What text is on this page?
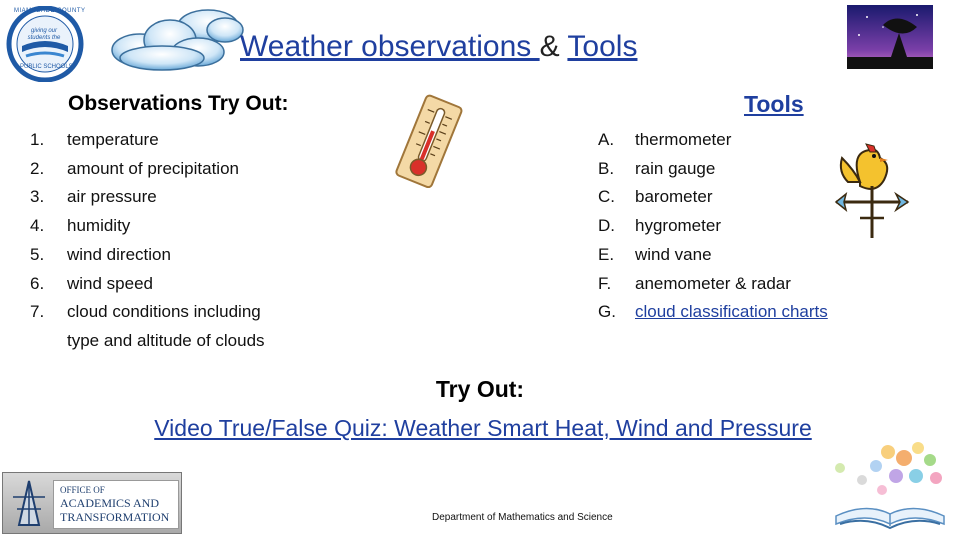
MIAMI-DADE COUNTY
giving our students the world
PUBLIC SCHOOLS
Weather observations & Tools
Observations Try Out:	Tools
1.	temperature
2.	amount of precipitation
3.	air pressure
4.	humidity
5.	wind direction
6.	wind speed
7.	cloud conditions including type and altitude of clouds
A.	thermometer
B.	rain gauge
C.	barometer
D.	hygrometer
E.	wind vane
F.	anemometer & radar
G.	cloud classification charts
Try Out:
Video True/False Quiz: Weather Smart Heat, Wind and Pressure
OFFICE OF
ACADEMICS AND
TRANSFORMATION	Department of Mathematics and Science
